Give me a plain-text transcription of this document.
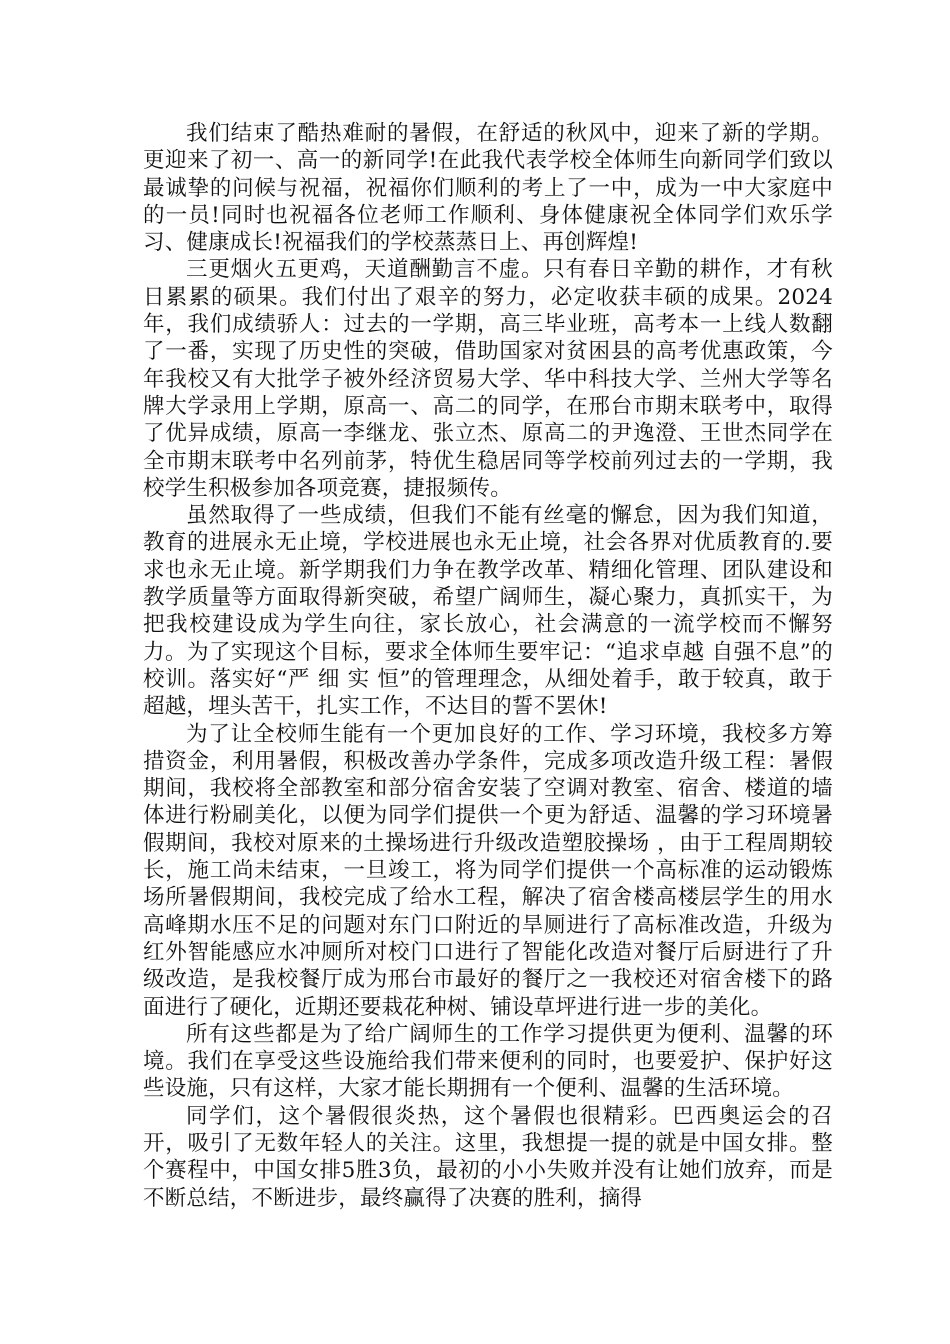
我们结束了酷热难耐的暑假，在舒适的秋风中，迎来了新的学期。更迎来了初一、高一的新同学!在此我代表学校全体师生向新同学们致以最诚挚的问候与祝福，祝福你们顺利的考上了一中，成为一中大家庭中的一员!同时也祝福各位老师工作顺利、身体健康祝全体同学们欢乐学习、健康成长!祝福我们的学校蒸蒸日上、再创辉煌!

三更烟火五更鸡，天道酬勤言不虚。只有春日辛勤的耕作，才有秋日累累的硕果。我们付出了艰辛的努力，必定收获丰硕的成果。2024年，我们成绩骄人：过去的一学期，高三毕业班，高考本一上线人数翻了一番，实现了历史性的突破，借助国家对贫困县的高考优惠政策，今年我校又有大批学子被外经济贸易大学、华中科技大学、兰州大学等名牌大学录用上学期，原高一、高二的同学，在邢台市期末联考中，取得了优异成绩，原高一李继龙、张立杰、原高二的尹逸澄、王世杰同学在全市期末联考中名列前茅，特优生稳居同等学校前列过去的一学期，我校学生积极参加各项竞赛，捷报频传。

虽然取得了一些成绩，但我们不能有丝毫的懈怠，因为我们知道，教育的进展永无止境，学校进展也永无止境，社会各界对优质教育的.要求也永无止境。新学期我们力争在教学改革、精细化管理、团队建设和教学质量等方面取得新突破，希望广阔师生，凝心聚力，真抓实干，为把我校建设成为学生向往，家长放心，社会满意的一流学校而不懈努力。为了实现这个目标，要求全体师生要牢记：“追求卓越 自强不息”的校训。落实好“严 细 实 恒”的管理理念，从细处着手，敢于较真，敢于超越，埋头苦干，扎实工作，不达目的誓不罢休!

为了让全校师生能有一个更加良好的工作、学习环境，我校多方筹措资金，利用暑假，积极改善办学条件，完成多项改造升级工程：暑假期间，我校将全部教室和部分宿舍安装了空调对教室、宿舍、楼道的墙体进行粉刷美化，以便为同学们提供一个更为舒适、温馨的学习环境暑假期间，我校对原来的土操场进行升级改造塑胶操场 ，由于工程周期较长，施工尚未结束，一旦竣工，将为同学们提供一个高标准的运动锻炼场所暑假期间，我校完成了给水工程，解决了宿舍楼高楼层学生的用水高峰期水压不足的问题对东门口附近的旱厕进行了高标准改造，升级为红外智能感应水冲厕所对校门口进行了智能化改造对餐厅后厨进行了升级改造，是我校餐厅成为邢台市最好的餐厅之一我校还对宿舍楼下的路面进行了硬化，近期还要栽花种树、铺设草坪进行进一步的美化。

所有这些都是为了给广阔师生的工作学习提供更为便利、温馨的环境。我们在享受这些设施给我们带来便利的同时，也要爱护、保护好这些设施，只有这样，大家才能长期拥有一个便利、温馨的生活环境。

同学们，这个暑假很炎热，这个暑假也很精彩。巴西奥运会的召开，吸引了无数年轻人的关注。这里，我想提一提的就是中国女排。整个赛程中，中国女排5胜3负，最初的小小失败并没有让她们放弃，而是不断总结，不断进步，最终赢得了决赛的胜利，摘得
